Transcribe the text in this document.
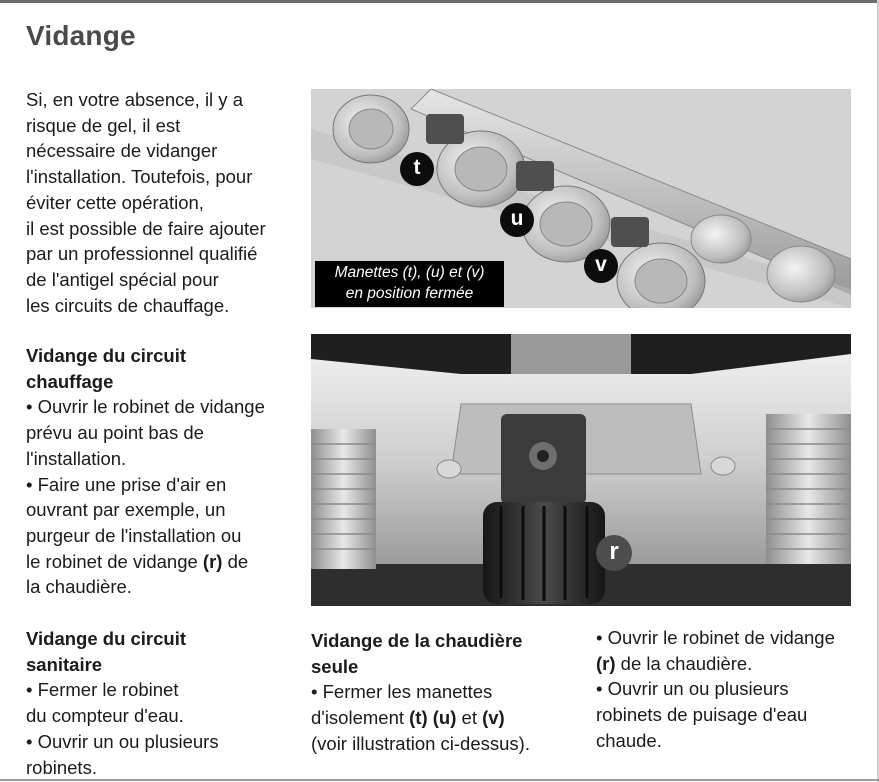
Vidange
Si, en votre absence, il y a
risque de gel, il est
nécessaire de vidanger
l'installation. Toutefois, pour
éviter cette opération,
il est possible de faire ajouter
par un professionnel qualifié
de l'antigel spécial pour
les circuits de chauffage.
Vidange du circuit
chauffage
• Ouvrir le robinet de vidange
prévu au point bas de
l'installation.
• Faire une prise d'air en
ouvrant par exemple, un
purgeur de l'installation ou
le robinet de vidange (r) de
la chaudière.
Vidange du circuit
sanitaire
• Fermer le robinet
du compteur d'eau.
• Ouvrir un ou plusieurs
robinets.
Vidange de la chaudière
seule
• Fermer les manettes
d'isolement (t) (u) et (v)
(voir illustration ci-dessus).
• Ouvrir le robinet de vidange
(r) de la chaudière.
• Ouvrir un ou plusieurs
robinets de puisage d'eau
chaude.
t
u
v
Manettes (t), (u) et (v)
en position fermée
r
